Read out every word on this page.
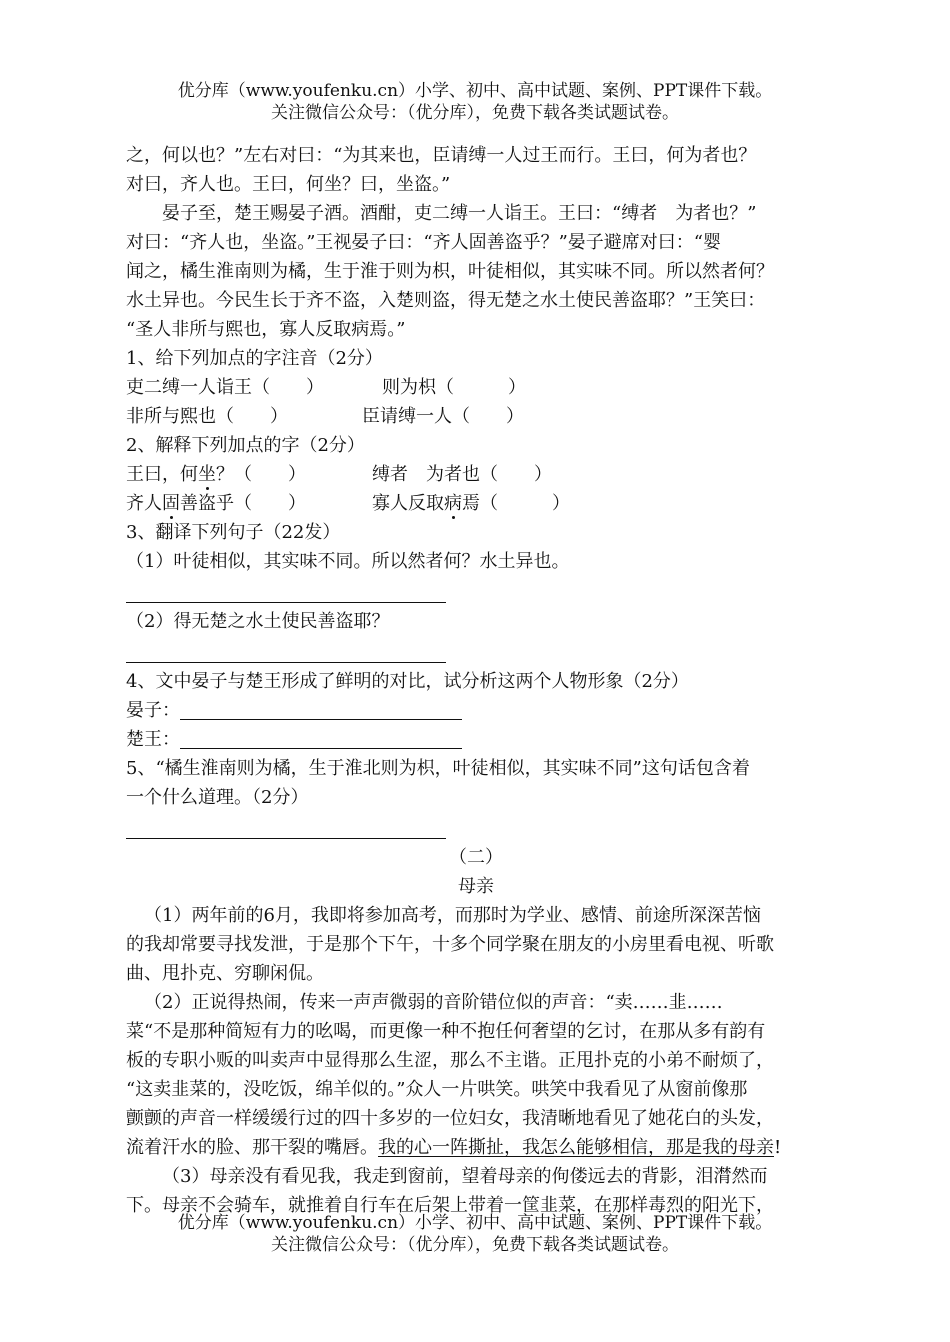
优分库（www.youfenku.cn）小学、初中、高中试题、案例、PPT课件下载。
关注微信公众号：（优分库），免费下载各类试题试卷。
之，何以也？”左右对曰：“为其来也，臣请缚一人过王而行。王曰，何为者也？
对曰，齐人也。王曰，何坐？曰，坐盗。”
晏子至，楚王赐晏子酒。酒酣，吏二缚一人诣王。王曰：“缚者　为者也？”
对曰：“齐人也，坐盗。”王视晏子曰：“齐人固善盗乎？”晏子避席对曰：“婴
闻之，橘生淮南则为橘，生于淮于则为枳，叶徒相似，其实味不同。所以然者何？
水土异也。今民生长于齐不盗，入楚则盗，得无楚之水土使民善盗耶？”王笑曰：
“圣人非所与熙也，寡人反取病焉。”
1、给下列加点的字注音（2分）
吏二缚一人诣王（　　）	则为枳（　　　）
非所与熙也（　　）	臣请缚一人（　　）
2、解释下列加点的字（2分）
王曰，何坐？（　　）	缚者　为者也（　　）
齐人固善盗乎（　　）	寡人反取病焉（　　　）
3、翻译下列句子（22发）
（1）叶徒相似，其实味不同。所以然者何？水土异也。
（2）得无楚之水土使民善盗耶？
4、文中晏子与楚王形成了鲜明的对比，试分析这两个人物形象（2分）
晏子：
楚王：
5、“橘生淮南则为橘，生于淮北则为枳，叶徒相似，其实味不同”这句话包含着
一个什么道理。（2分）
（二）
母亲
（1）两年前的6月，我即将参加高考，而那时为学业、感情、前途所深深苦恼
的我却常要寻找发泄，于是那个下午，十多个同学聚在朋友的小房里看电视、听歌
曲、甩扑克、穷聊闲侃。
（2）正说得热闹，传来一声声微弱的音阶错位似的声音：“卖……韭……
菜“不是那种简短有力的吆喝，而更像一种不抱任何奢望的乞讨，在那从多有韵有
板的专职小贩的叫卖声中显得那么生涩，那么不主谐。正甩扑克的小弟不耐烦了，
“这卖韭菜的，没吃饭，绵羊似的。”众人一片哄笑。哄笑中我看见了从窗前像那
颤颤的声音一样缓缓行过的四十多岁的一位妇女，我清晰地看见了她花白的头发，
流着汗水的脸、那干裂的嘴唇。我的心一阵撕扯，我怎么能够相信，那是我的母亲!
（3）母亲没有看见我，我走到窗前，望着母亲的佝偻远去的背影，泪潸然而
下。母亲不会骑车，就推着自行车在后架上带着一筐韭菜，在那样毒烈的阳光下，
优分库（www.youfenku.cn）小学、初中、高中试题、案例、PPT课件下载。
关注微信公众号：（优分库），免费下载各类试题试卷。
